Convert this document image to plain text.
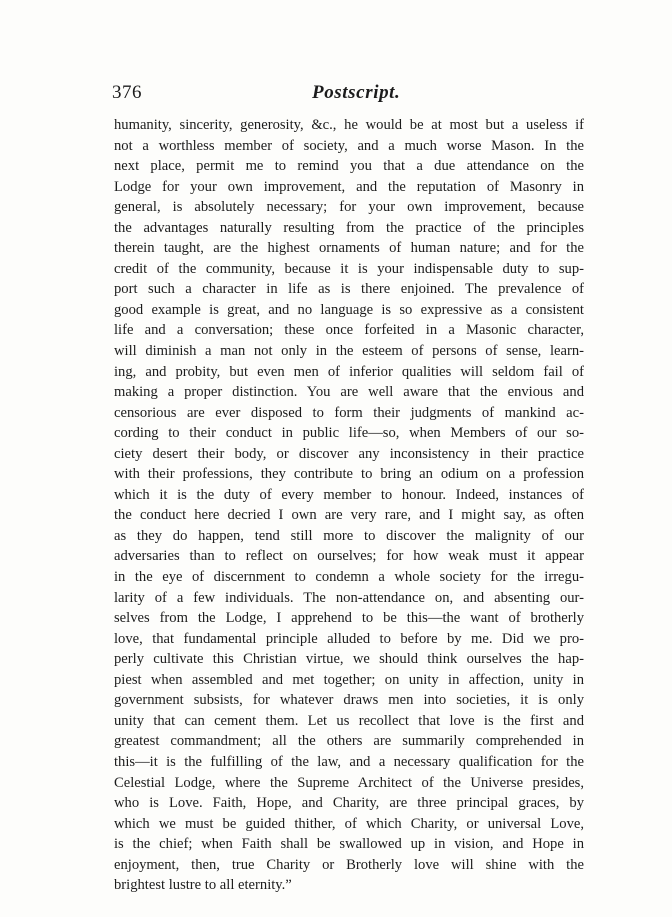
376	Postscript.
humanity, sincerity, generosity, &c., he would be at most but a useless if
not a worthless member of society, and a much worse Mason. In the
next place, permit me to remind you that a due attendance on the
Lodge for your own improvement, and the reputation of Masonry in
general, is absolutely necessary; for your own improvement, because
the advantages naturally resulting from the practice of the principles
therein taught, are the highest ornaments of human nature; and for the
credit of the community, because it is your indispensable duty to sup-
port such a character in life as is there enjoined. The prevalence of
good example is great, and no language is so expressive as a consistent
life and a conversation; these once forfeited in a Masonic character,
will diminish a man not only in the esteem of persons of sense, learn-
ing, and probity, but even men of inferior qualities will seldom fail of
making a proper distinction. You are well aware that the envious and
censorious are ever disposed to form their judgments of mankind ac-
cording to their conduct in public life—so, when Members of our so-
ciety desert their body, or discover any inconsistency in their practice
with their professions, they contribute to bring an odium on a profession
which it is the duty of every member to honour. Indeed, instances of
the conduct here decried I own are very rare, and I might say, as often
as they do happen, tend still more to discover the malignity of our
adversaries than to reflect on ourselves; for how weak must it appear
in the eye of discernment to condemn a whole society for the irregu-
larity of a few individuals. The non-attendance on, and absenting our-
selves from the Lodge, I apprehend to be this—the want of brotherly
love, that fundamental principle alluded to before by me. Did we pro-
perly cultivate this Christian virtue, we should think ourselves the hap-
piest when assembled and met together; on unity in affection, unity in
government subsists, for whatever draws men into societies, it is only
unity that can cement them. Let us recollect that love is the first and
greatest commandment; all the others are summarily comprehended in
this—it is the fulfilling of the law, and a necessary qualification for the
Celestial Lodge, where the Supreme Architect of the Universe presides,
who is Love. Faith, Hope, and Charity, are three principal graces, by
which we must be guided thither, of which Charity, or universal Love,
is the chief; when Faith shall be swallowed up in vision, and Hope in
enjoyment, then, true Charity or Brotherly love will shine with the
brightest lustre to all eternity.”
